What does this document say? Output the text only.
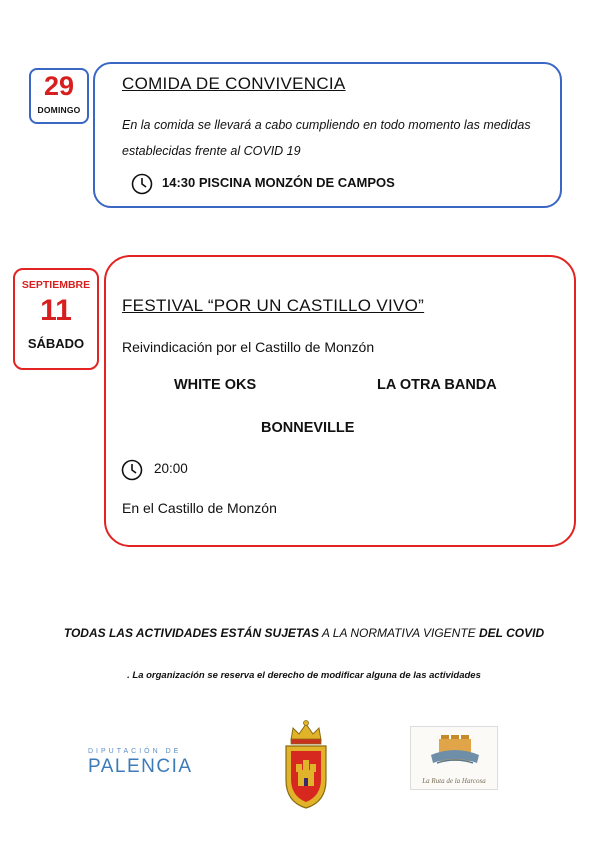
29
DOMINGO
COMIDA DE CONVIVENCIA
En la comida se llevará a cabo cumpliendo en todo momento las medidas establecidas frente al COVID 19
14:30 PISCINA MONZÓN DE CAMPOS
SEPTIEMBRE
11
SÁBADO
FESTIVAL “POR UN CASTILLO VIVO”
Reivindicación por el Castillo de Monzón
WHITE OKS	LA OTRA BANDA
BONNEVILLE
20:00
En el Castillo de Monzón
TODAS LAS ACTIVIDADES ESTÁN SUJETAS A LA NORMATIVA VIGENTE DEL COVID
. La organización se reserva el derecho de modificar alguna de las actividades
DIPUTACIÓN DE
PALENCIA
La Ruta de la Harcosa
